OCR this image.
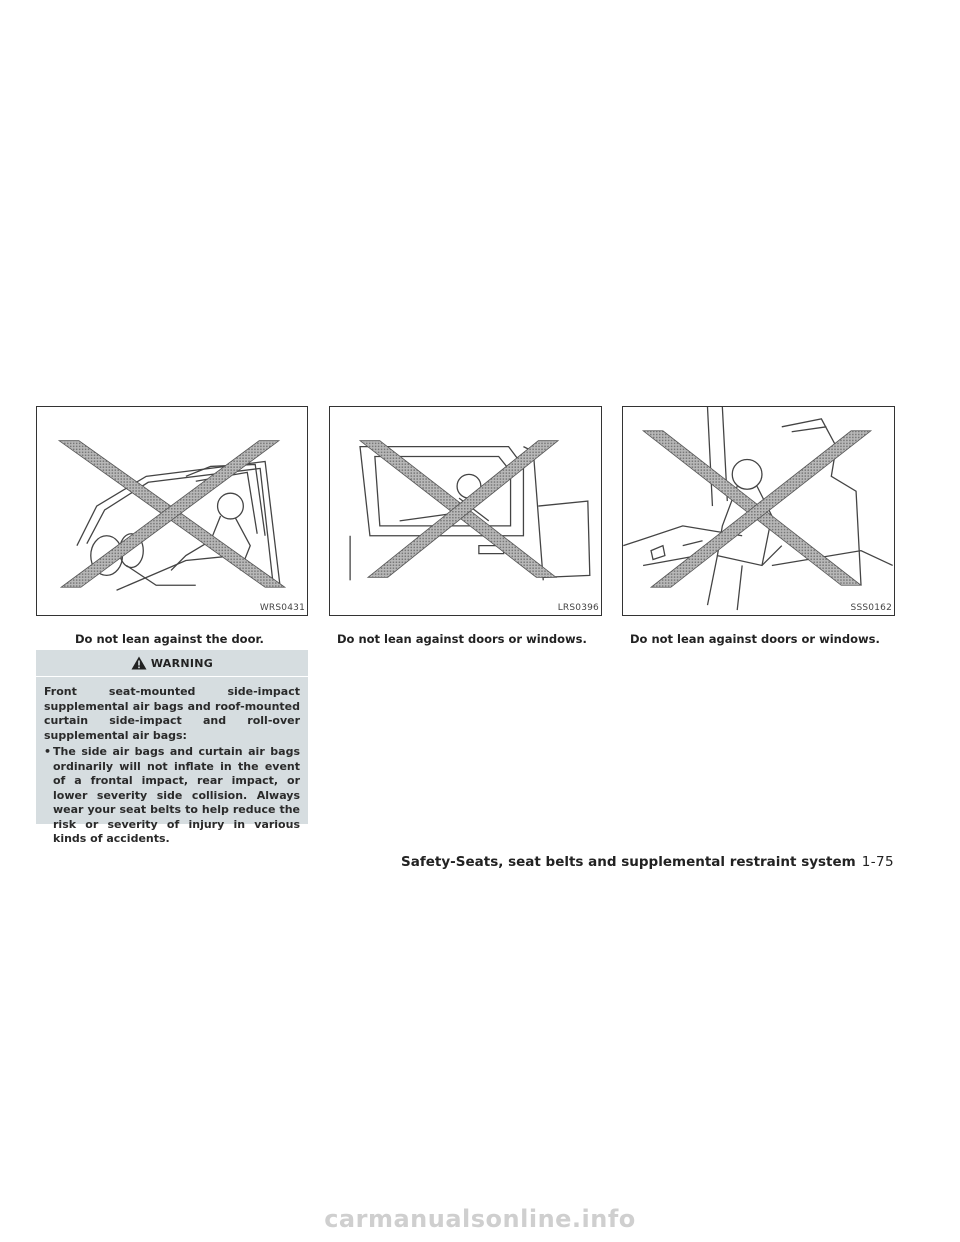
WRS0431	LRS0396	SSS0162
Do not lean against the door.	Do not lean against doors or windows.	Do not lean against doors or windows.
WARNING
Front seat-mounted side-impact supplemental air bags and roof-mounted curtain side-impact and roll-over supplemental air bags:
• The side air bags and curtain air bags ordinarily will not inflate in the event of a frontal impact, rear impact, or lower severity side collision. Always wear your seat belts to help reduce the risk or severity of injury in various kinds of accidents.
Safety-Seats, seat belts and supplemental restraint system 1-75
carmanualsonline.info
